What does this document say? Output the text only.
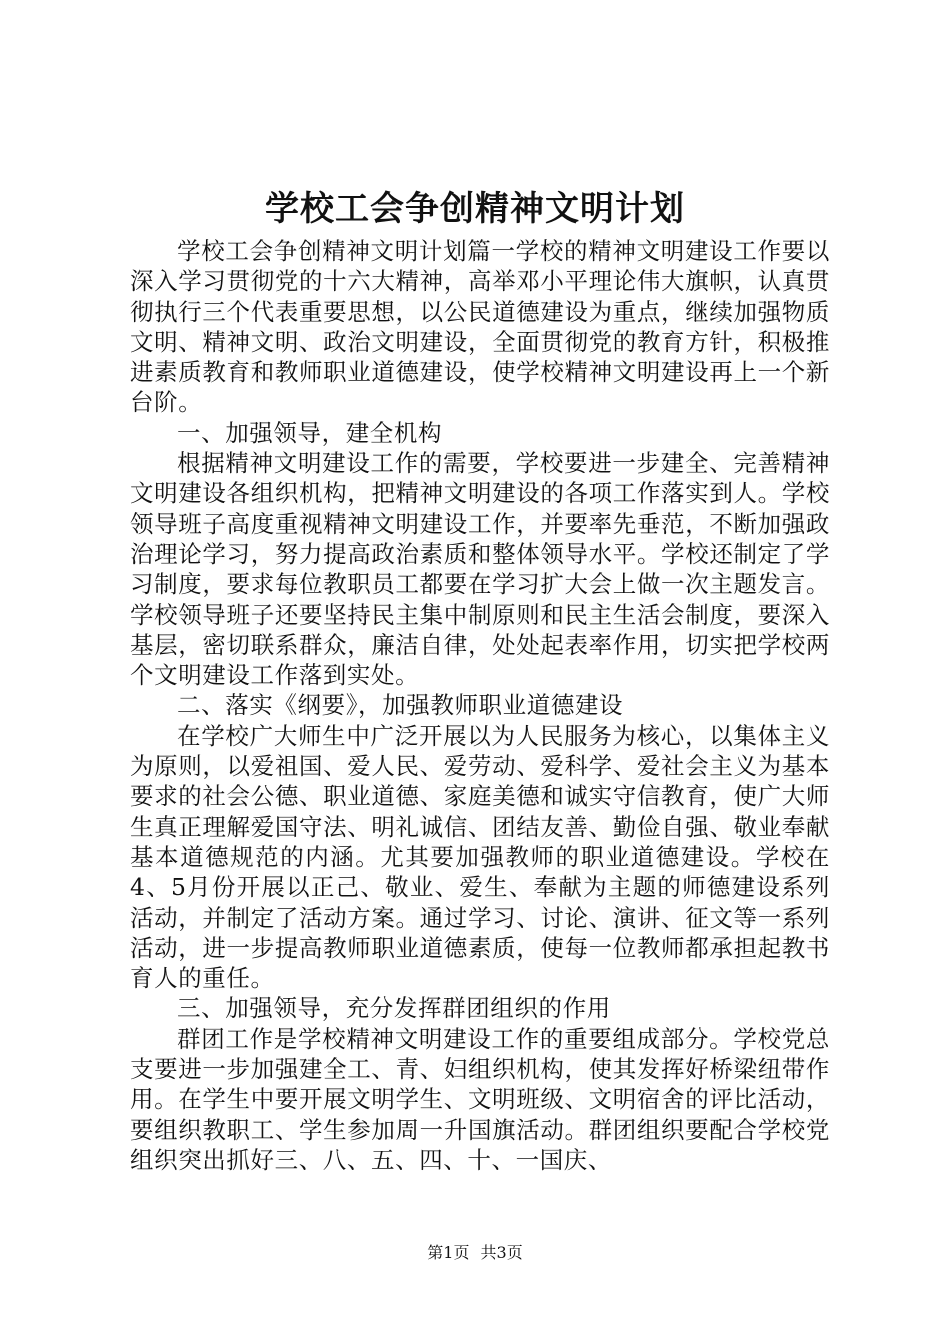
学校工会争创精神文明计划

学校工会争创精神文明计划篇一学校的精神文明建设工作要以深入学习贯彻党的十六大精神，高举邓小平理论伟大旗帜，认真贯彻执行三个代表重要思想，以公民道德建设为重点，继续加强物质文明、精神文明、政治文明建设，全面贯彻党的教育方针，积极推进素质教育和教师职业道德建设，使学校精神文明建设再上一个新台阶。

一、加强领导，建全机构

根据精神文明建设工作的需要，学校要进一步建全、完善精神文明建设各组织机构，把精神文明建设的各项工作落实到人。学校领导班子高度重视精神文明建设工作，并要率先垂范，不断加强政治理论学习，努力提高政治素质和整体领导水平。学校还制定了学习制度，要求每位教职员工都要在学习扩大会上做一次主题发言。学校领导班子还要坚持民主集中制原则和民主生活会制度，要深入基层，密切联系群众，廉洁自律，处处起表率作用，切实把学校两个文明建设工作落到实处。

二、落实《纲要》，加强教师职业道德建设

在学校广大师生中广泛开展以为人民服务为核心，以集体主义为原则，以爱祖国、爱人民、爱劳动、爱科学、爱社会主义为基本要求的社会公德、职业道德、家庭美德和诚实守信教育，使广大师生真正理解爱国守法、明礼诚信、团结友善、勤俭自强、敬业奉献基本道德规范的内涵。尤其要加强教师的职业道德建设。学校在4、5月份开展以正己、敬业、爱生、奉献为主题的师德建设系列活动，并制定了活动方案。通过学习、讨论、演讲、征文等一系列活动，进一步提高教师职业道德素质，使每一位教师都承担起教书育人的重任。

三、加强领导，充分发挥群团组织的作用

群团工作是学校精神文明建设工作的重要组成部分。学校党总支要进一步加强建全工、青、妇组织机构，使其发挥好桥梁纽带作用。在学生中要开展文明学生、文明班级、文明宿舍的评比活动，要组织教职工、学生参加周一升国旗活动。群团组织要配合学校党组织突出抓好三、八、五、四、十、一国庆、

第1页 共3页
